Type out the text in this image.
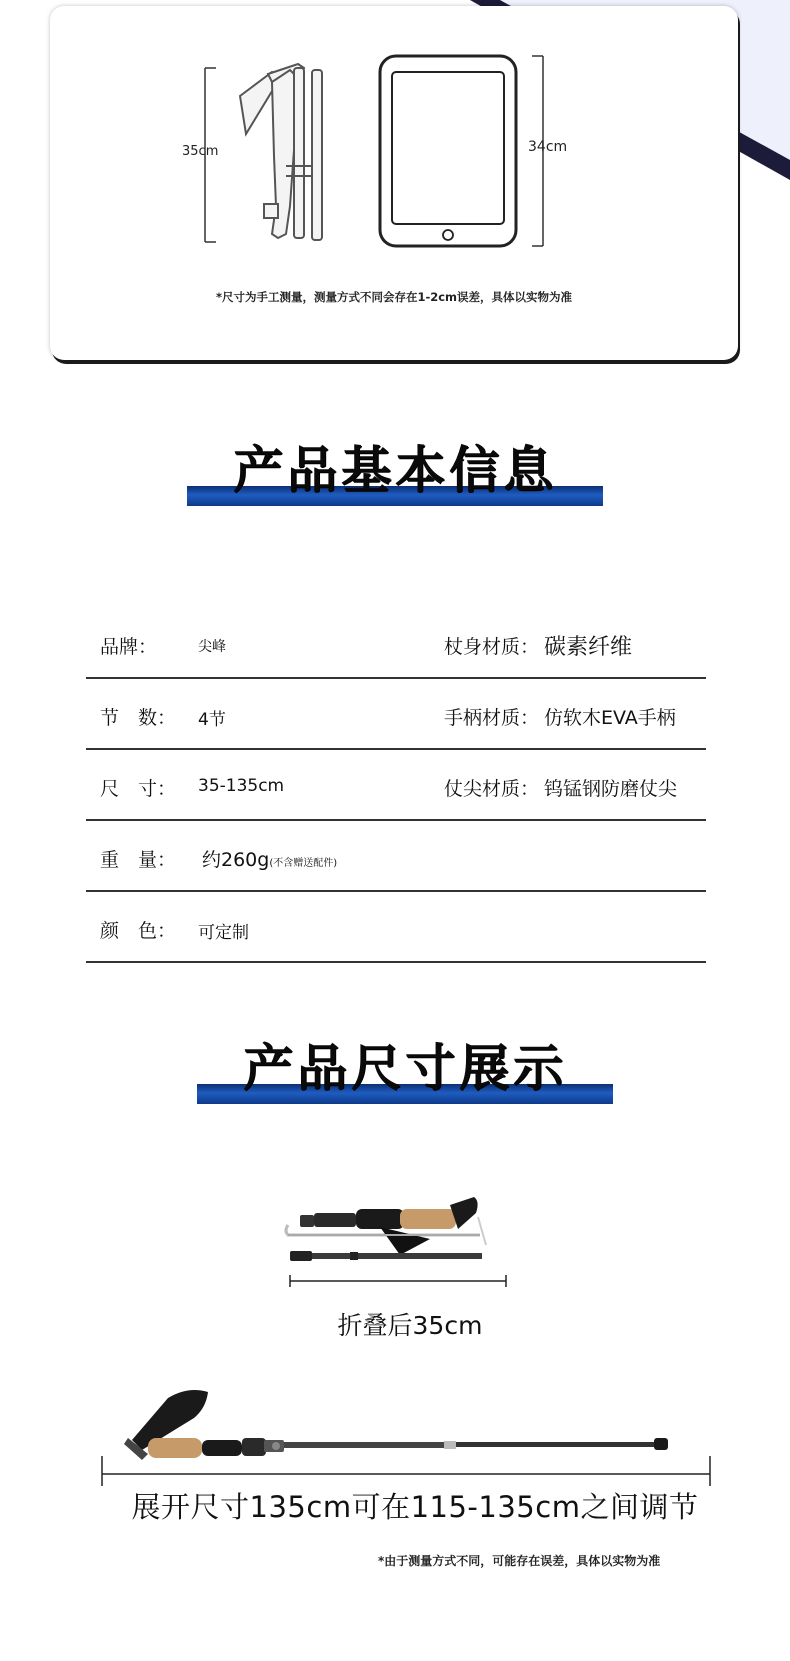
35cm	34cm
*尺寸为手工测量，测量方式不同会存在1-2cm误差，具体以实物为准
产品基本信息
品牌：	尖峰	杖身材质： 碳素纤维
节　数： 4节	手柄材质： 仿软木EVA手柄
尺　寸： 35-135cm	仗尖材质： 钨锰钢防磨仗尖
重　量： 约260g(不含赠送配件)
颜　色： 可定制
产品尺寸展示
折叠后35cm
展开尺寸135cm可在115-135cm之间调节
*由于测量方式不同，可能存在误差，具体以实物为准
